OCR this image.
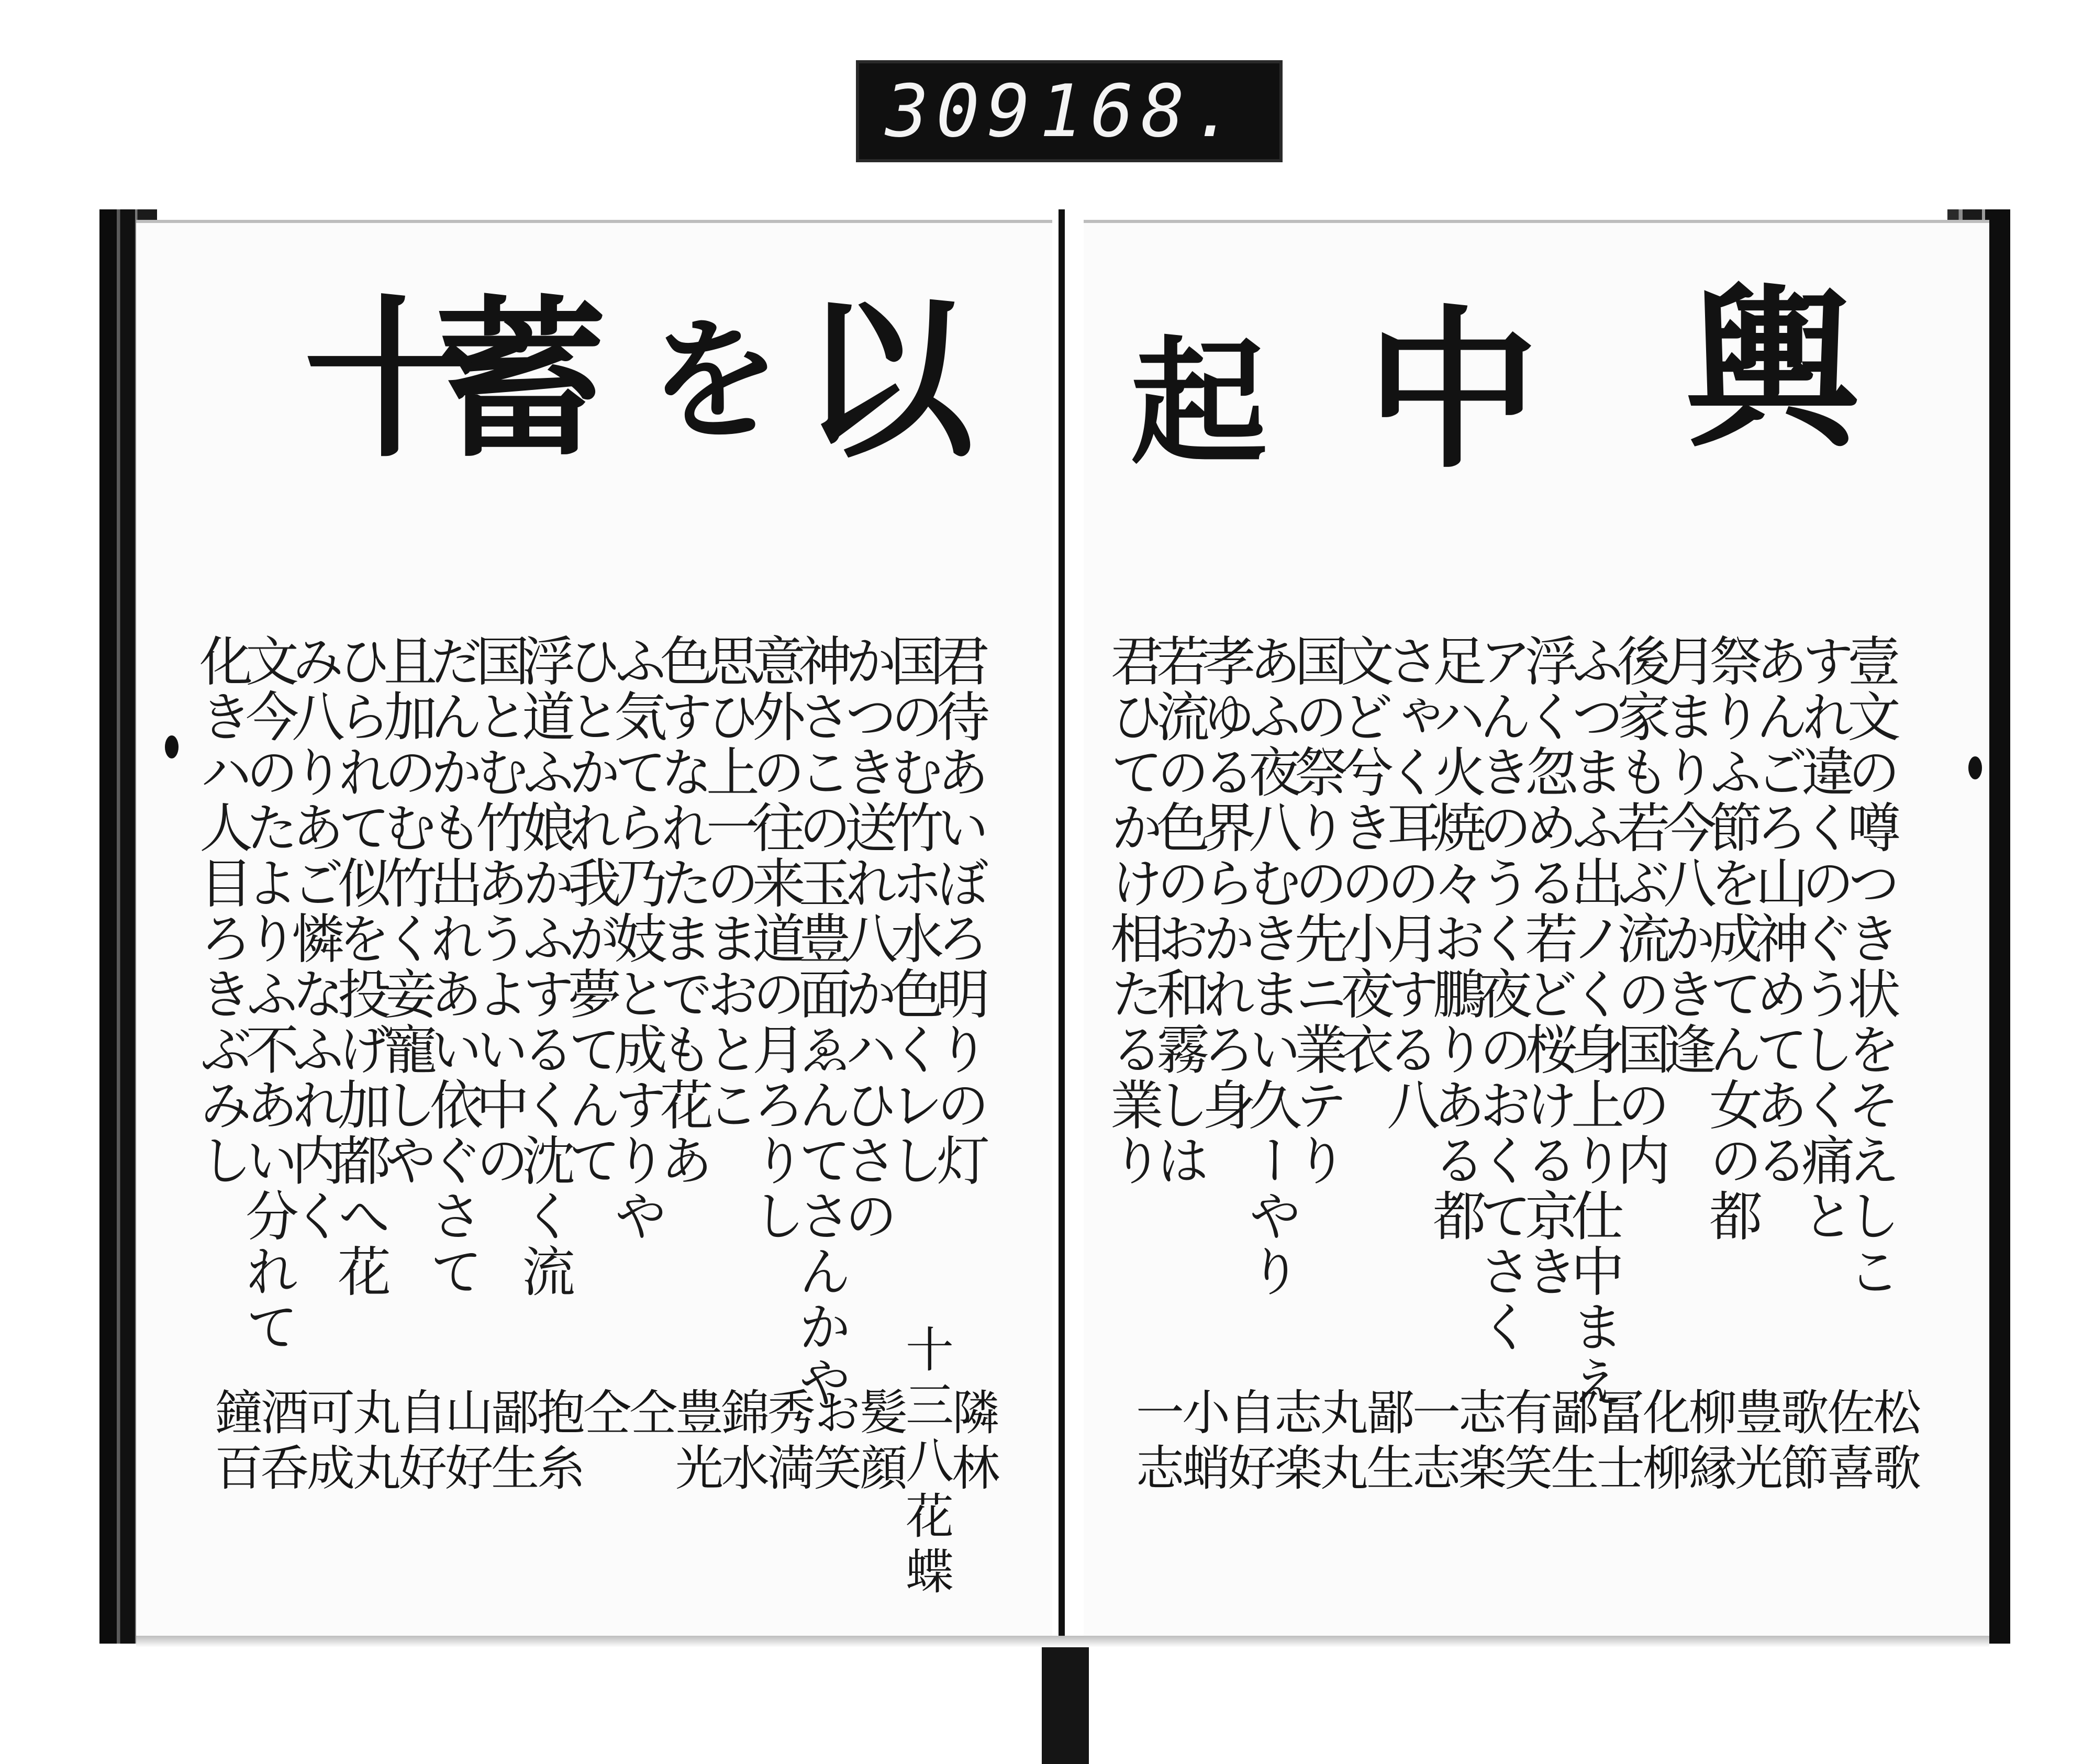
309 168.
輿
中
起
以
を
蓄
十
壹文の噂つき状をそえしこ
すれ違くのぐうしく痛と
あんごろ山神めてある
祭りふ節を成てん女の都
月まり今八かき逢
後家も若ぶ流の国の内
ふつまふ出ノく身上り仕中まえ
浮く忽める若ど桜ける京き
アんきのうく夜のおくてさく
足ハ火焼々お鵬りある都
さゃく耳の月する八
文ど兮きの小夜衣
国の祭りの先ニ業テり
あふ夜八むきまい久ーやり
孝ゆる界らかれろ身
若流の色のお和霧しは
君ひてかけ相たる業り
松歌
佐喜
歌節
豊光
柳縁
化柳
冨士
鄙生
有笑
志楽
一志
鄙生
丸丸
志楽
自好
小蛸
一志
君待あいぼろ明りの灯
国のむ竹ホ水色くレし
かつき送れ八かハひさの
神さこの玉豊面ゑんてさんかや
意外の往来道の月ろりし
思ひ上一のまおとこ
色すなれたまでも花あ
ふ気てら乃妓と成すりや
ひとかれ我が夢てんて
浮道ふ娘かふするく沈く流
国とむ竹あうよい中の
だんかも出れあい依ぐさて
且加のむ竹く妾寵しや
ひられて似を投げ加都へ花
み八りあご憐なふれ内く
文今のたよりふ不あい分れて
化きハ人目ろきぶみし
隣林
十三八花蝶
髪顔
お笑
秀満
錦水
豊光
仝
仝
抱糸
鄙生
山好
自好
丸丸
可成
酒呑
鐘百
